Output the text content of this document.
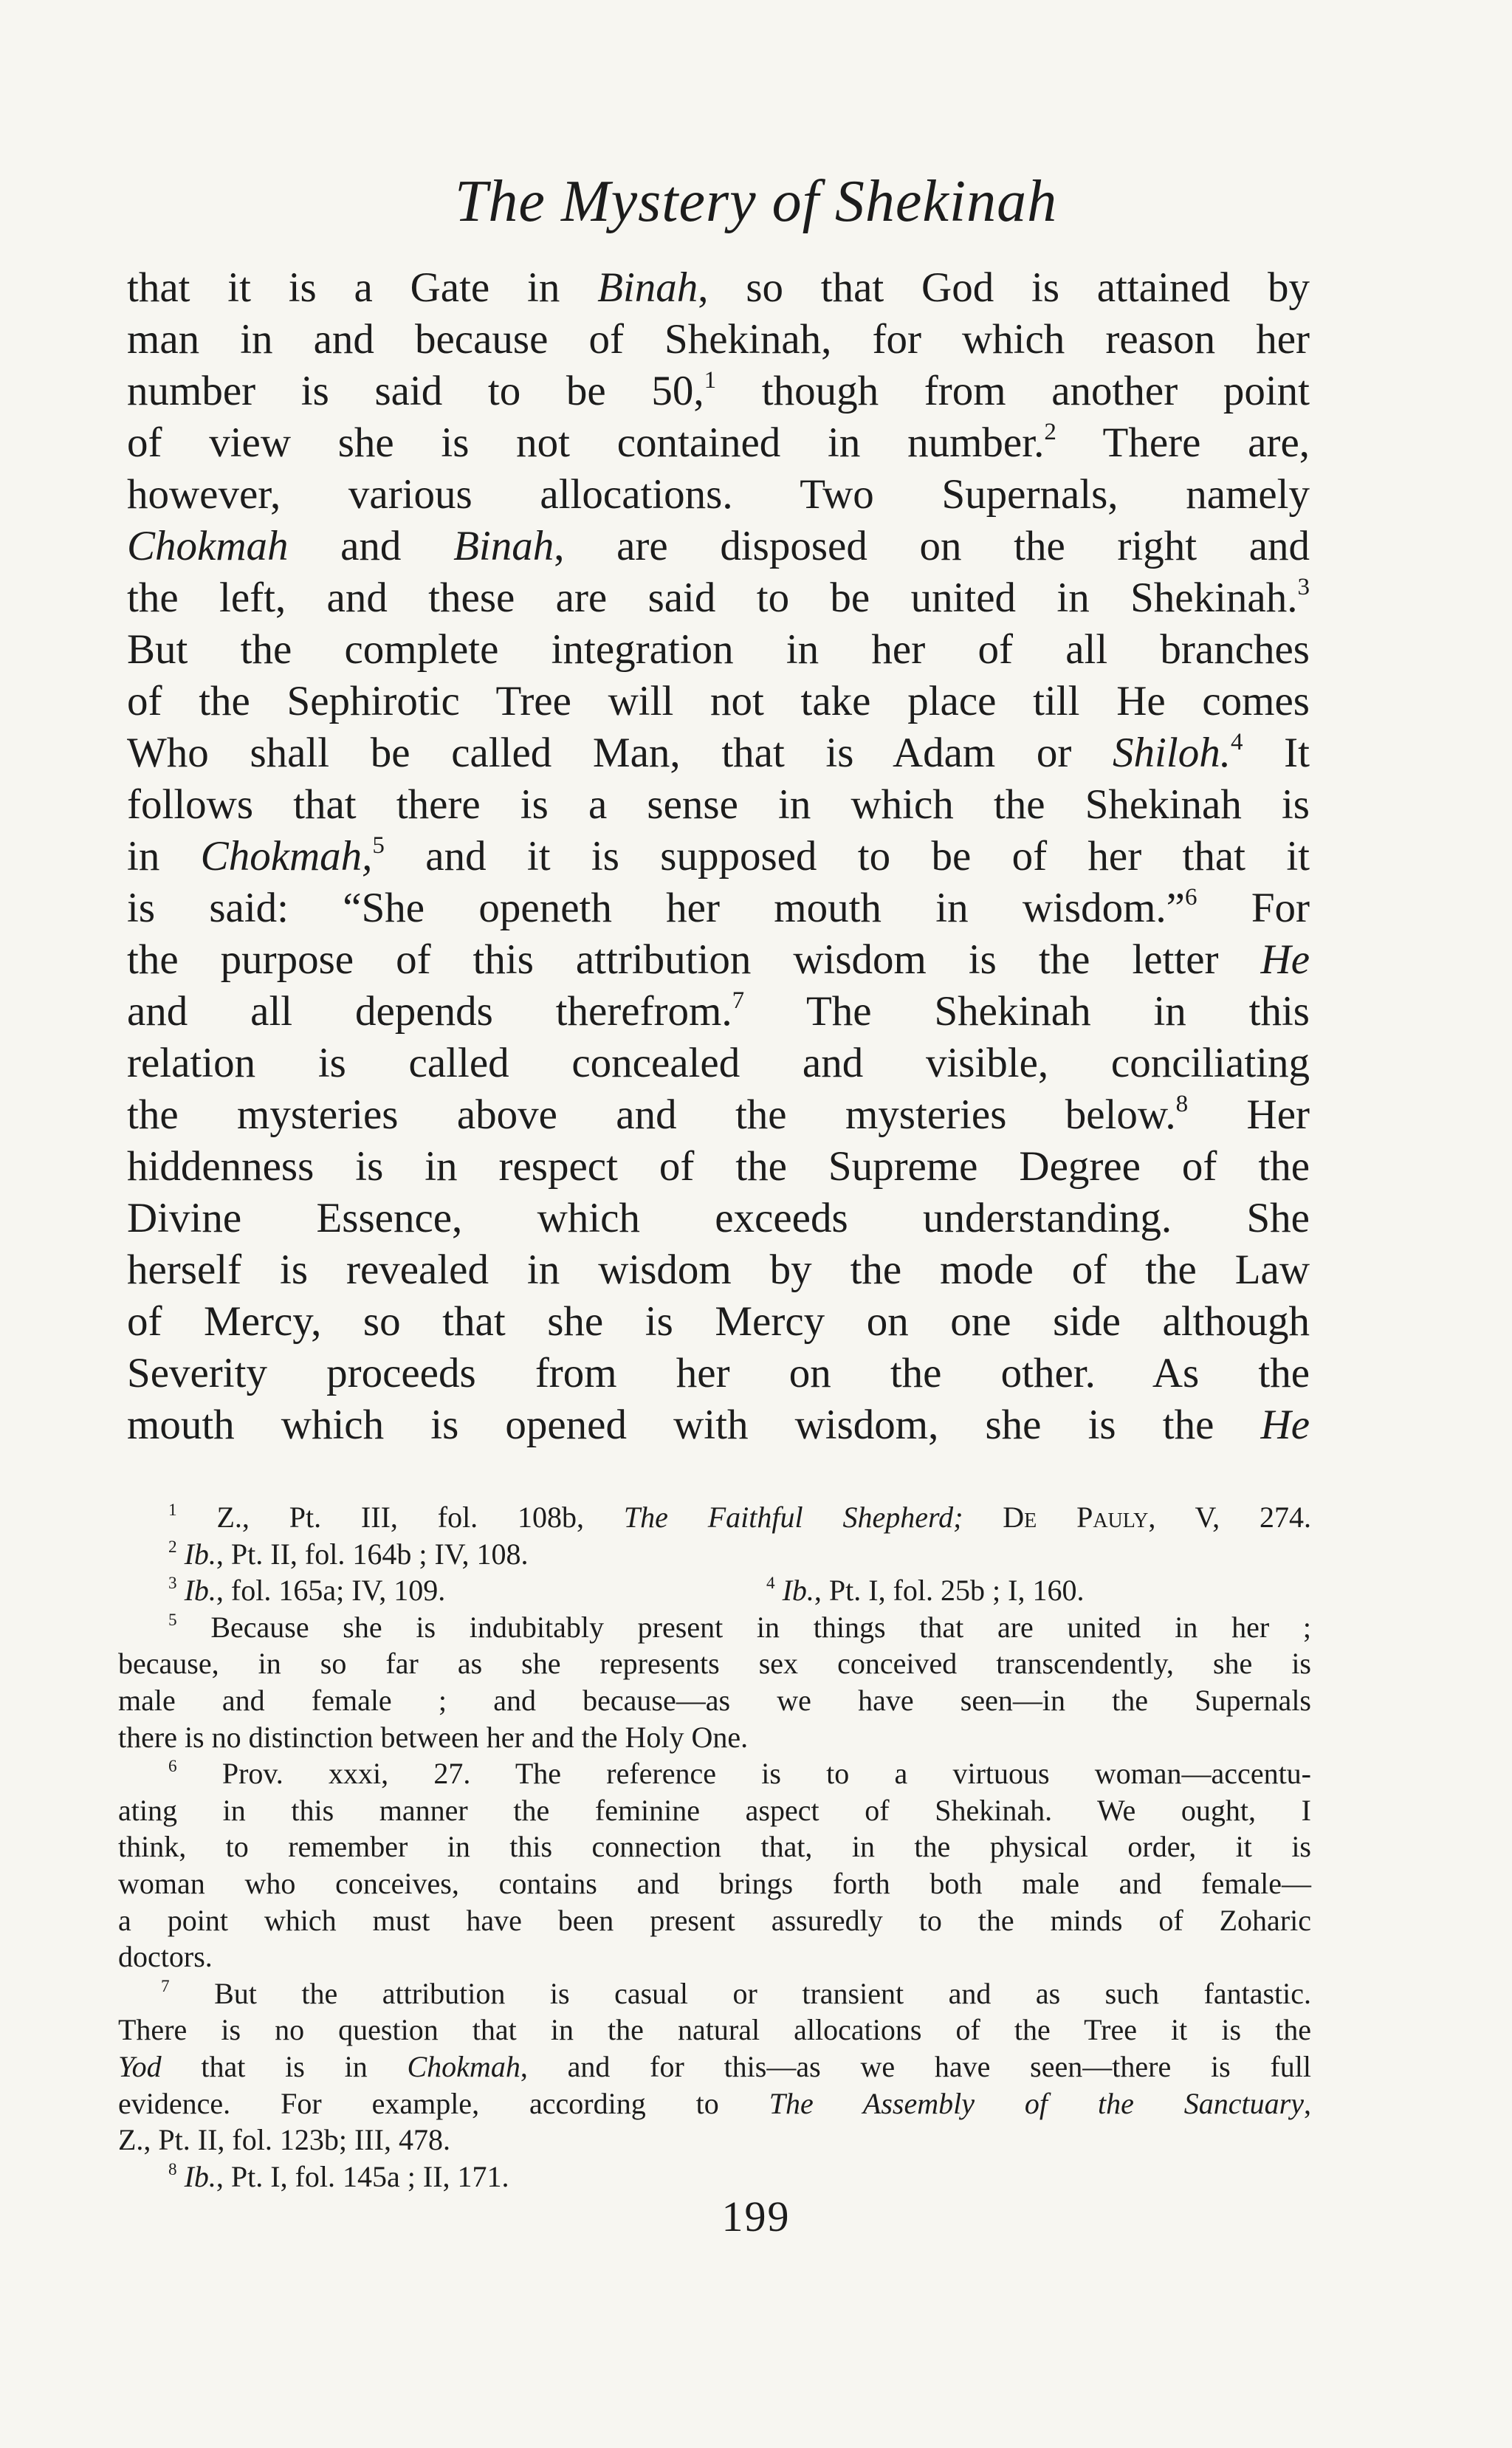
The Mystery of Shekinah
that it is a Gate in Binah, so that God is attained by
man in and because of Shekinah, for which reason her
number is said to be 50,$^1$ though from another point
of view she is not contained in number.$^2$ There are,
however, various allocations. Two Supernals, namely
Chokmah and Binah, are disposed on the right and
the left, and these are said to be united in Shekinah.$^3$
But the complete integration in her of all branches
of the Sephirotic Tree will not take place till He comes
Who shall be called Man, that is Adam or Shiloh.$^4$ It
follows that there is a sense in which the Shekinah is
in Chokmah,$^5$ and it is supposed to be of her that it
is said: “She openeth her mouth in wisdom.”$^6$ For
the purpose of this attribution wisdom is the letter He
and all depends therefrom.$^7$ The Shekinah in this
relation is called concealed and visible, conciliating
the mysteries above and the mysteries below.$^8$ Her
hiddenness is in respect of the Supreme Degree of the
Divine Essence, which exceeds understanding. She
herself is revealed in wisdom by the mode of the Law
of Mercy, so that she is Mercy on one side although
Severity proceeds from her on the other. As the
mouth which is opened with wisdom, she is the He
$^1$ Z., Pt. III, fol. 108b, The Faithful Shepherd; De Pauly, V, 274.
$^2$ Ib., Pt. II, fol. 164b ; IV, 108.
$^3$ Ib., fol. 165a; IV, 109.	$^4$ Ib., Pt. I, fol. 25b ; I, 160.
$^5$ Because she is indubitably present in things that are united in her ;
because, in so far as she represents sex conceived transcendently, she is
male and female ; and because—as we have seen—in the Supernals
there is no distinction between her and the Holy One.
$^6$ Prov. xxxi, 27. The reference is to a virtuous woman—accentu-
ating in this manner the feminine aspect of Shekinah. We ought, I
think, to remember in this connection that, in the physical order, it is
woman who conceives, contains and brings forth both male and female—
a point which must have been present assuredly to the minds of Zoharic
doctors.
$^7$ But the attribution is casual or transient and as such fantastic.
There is no question that in the natural allocations of the Tree it is the
Yod that is in Chokmah, and for this—as we have seen—there is full
evidence. For example, according to The Assembly of the Sanctuary,
Z., Pt. II, fol. 123b; III, 478.
$^8$ Ib., Pt. I, fol. 145a ; II, 171.
199
